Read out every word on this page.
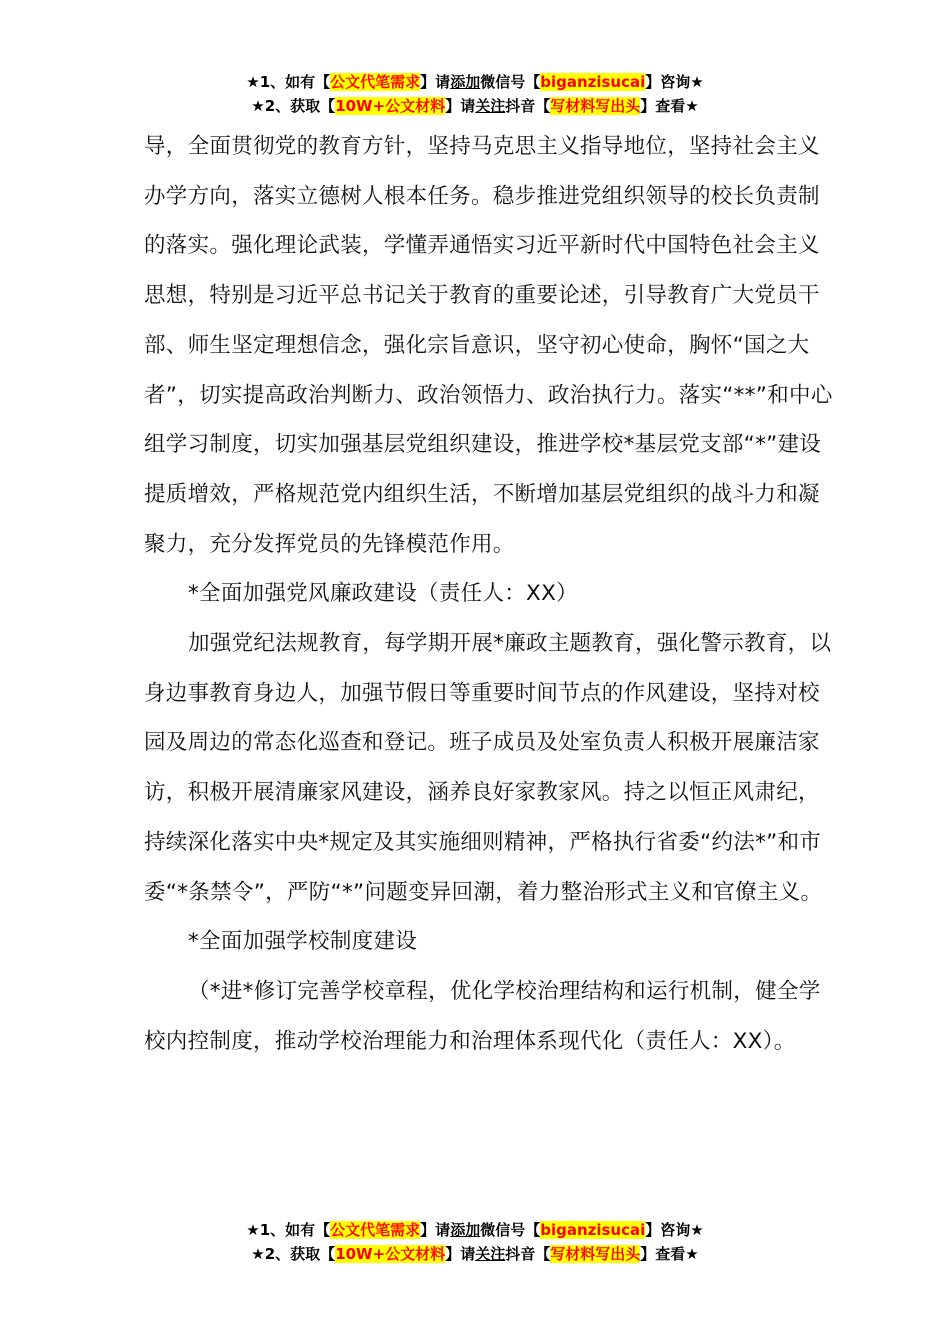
★1、如有【公文代笔需求】请添加微信号【biganzisucai】咨询★
★2、获取【10W+公文材料】请关注抖音【写材料写出头】查看★

导，全面贯彻党的教育方针，坚持马克思主义指导地位，坚持社会主义办学方向，落实立德树人根本任务。稳步推进党组织领导的校长负责制的落实。强化理论武装，学懂弄通悟实习近平新时代中国特色社会主义思想，特别是习近平总书记关于教育的重要论述，引导教育广大党员干部、师生坚定理想信念，强化宗旨意识，坚守初心使命，胸怀“国之大者”，切实提高政治判断力、政治领悟力、政治执行力。落实“**”和中心组学习制度，切实加强基层党组织建设，推进学校*基层党支部“*”建设提质增效，严格规范党内组织生活，不断增加基层党组织的战斗力和凝聚力，充分发挥党员的先锋模范作用。

*全面加强党风廉政建设（责任人：XX）

加强党纪法规教育，每学期开展*廉政主题教育，强化警示教育，以身边事教育身边人，加强节假日等重要时间节点的作风建设，坚持对校园及周边的常态化巡查和登记。班子成员及处室负责人积极开展廉洁家访，积极开展清廉家风建设，涵养良好家教家风。持之以恒正风肃纪，持续深化落实中央*规定及其实施细则精神，严格执行省委“约法*”和市委“*条禁令”，严防“*”问题变异回潮，着力整治形式主义和官僚主义。

*全面加强学校制度建设

（*进*修订完善学校章程，优化学校治理结构和运行机制，健全学校内控制度，推动学校治理能力和治理体系现代化（责任人：XX）。

★1、如有【公文代笔需求】请添加微信号【biganzisucai】咨询★
★2、获取【10W+公文材料】请关注抖音【写材料写出头】查看★
